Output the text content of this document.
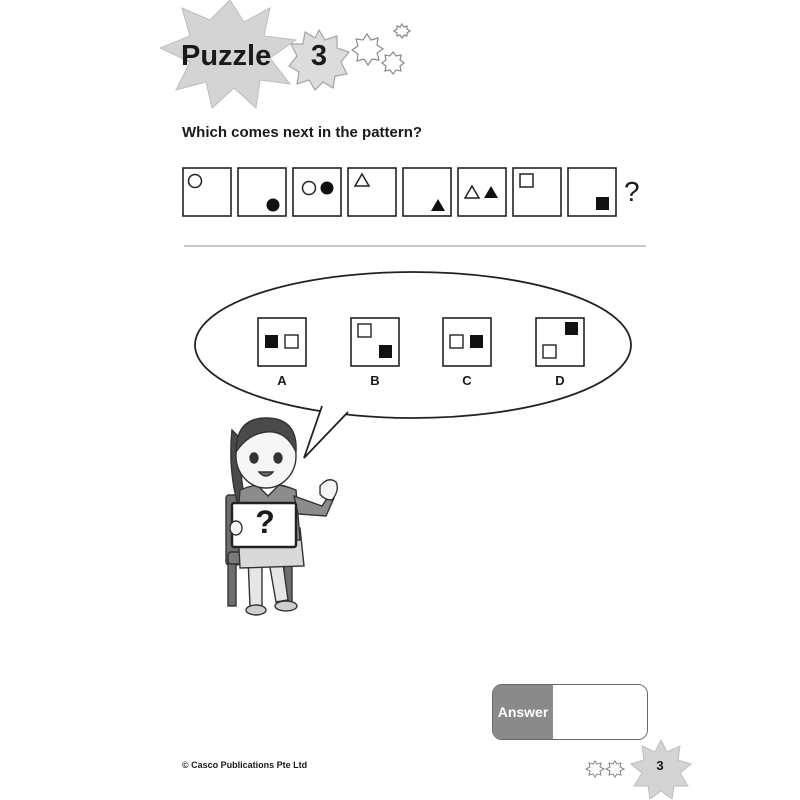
Puzzle	3
Which comes next in the pattern?
?
A	B	C	D
?
Answer
© Casco Publications Pte Ltd	3
